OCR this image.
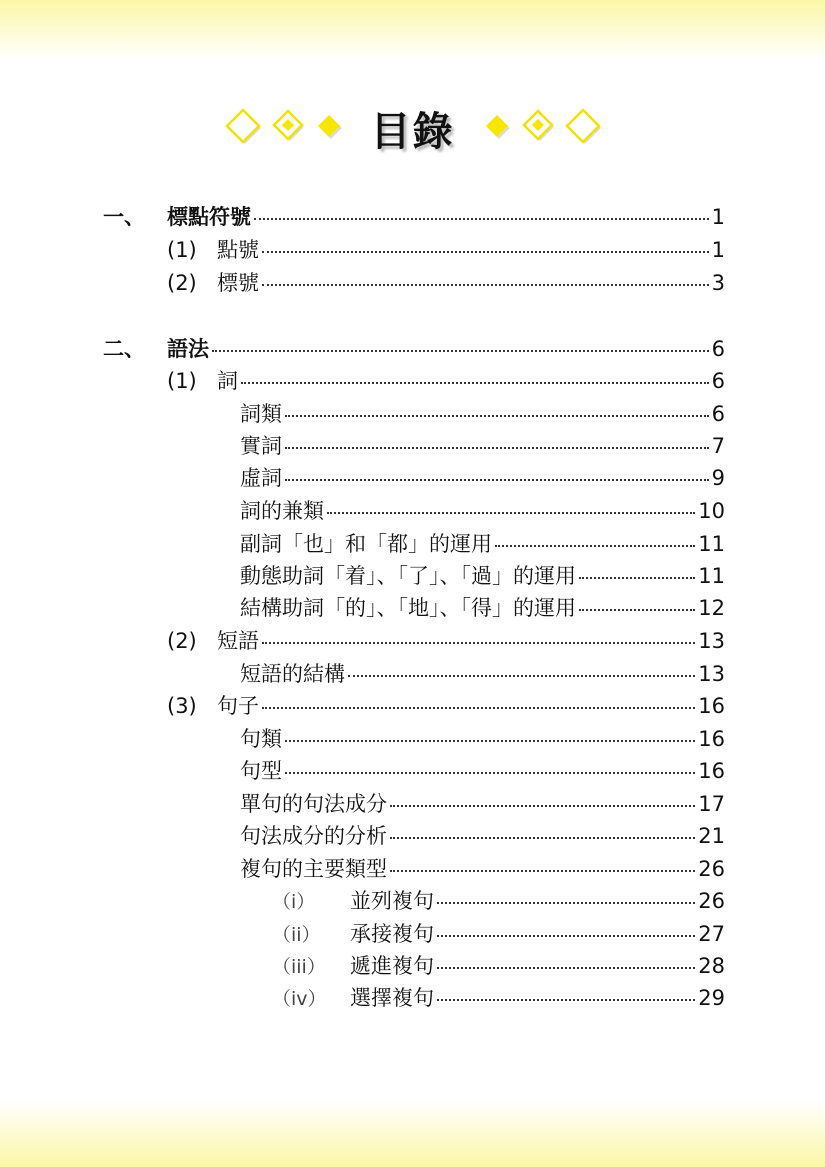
目錄
一、	標點符號	1
(1) 點號	1
(2) 標號	3
二、	語法	6
(1) 詞	6
詞類	6
實詞	7
虛詞	9
詞的兼類	10
副詞「也」和「都」的運用	11
動態助詞「着」、「了」、「過」的運用	11
結構助詞「的」、「地」、「得」的運用	12
(2) 短語	13
短語的結構	13
(3) 句子	16
句類	16
句型	16
單句的句法成分	17
句法成分的分析	21
複句的主要類型	26
（i）	並列複句	26
（ii）	承接複句	27
（iii）	遞進複句	28
（iv）	選擇複句	29
